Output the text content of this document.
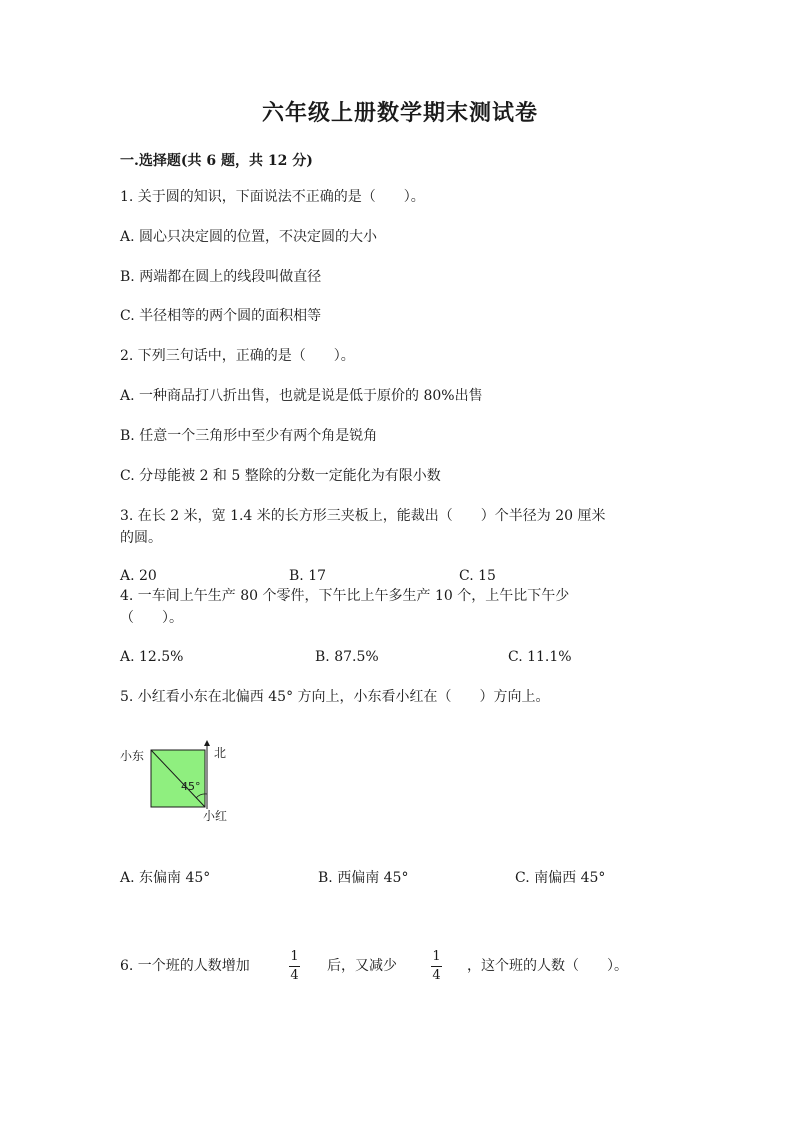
六年级上册数学期末测试卷
一.选择题(共 6 题，共 12 分)
1. 关于圆的知识，下面说法不正确的是（　　）。
A. 圆心只决定圆的位置，不决定圆的大小
B. 两端都在圆上的线段叫做直径
C. 半径相等的两个圆的面积相等
2. 下列三句话中，正确的是（　　）。
A. 一种商品打八折出售，也就是说是低于原价的 80%出售
B. 任意一个三角形中至少有两个角是锐角
C. 分母能被 2 和 5 整除的分数一定能化为有限小数
3. 在长 2 米，宽 1.4 米的长方形三夹板上，能裁出（　　）个半径为 20 厘米
的圆。
A. 20	B. 17	C. 15
4. 一车间上午生产 80 个零件，下午比上午多生产 10 个，上午比下午少
（　　）。
A. 12.5%	B. 87.5%	C. 11.1%
5. 小红看小东在北偏西 45° 方向上，小东看小红在（　　）方向上。
小东	北
45°
小红
A. 东偏南 45°	B. 西偏南 45°	C. 南偏西 45°
6. 一个班的人数增加
1
4
后，又减少
1
4
，这个班的人数（　　）。
